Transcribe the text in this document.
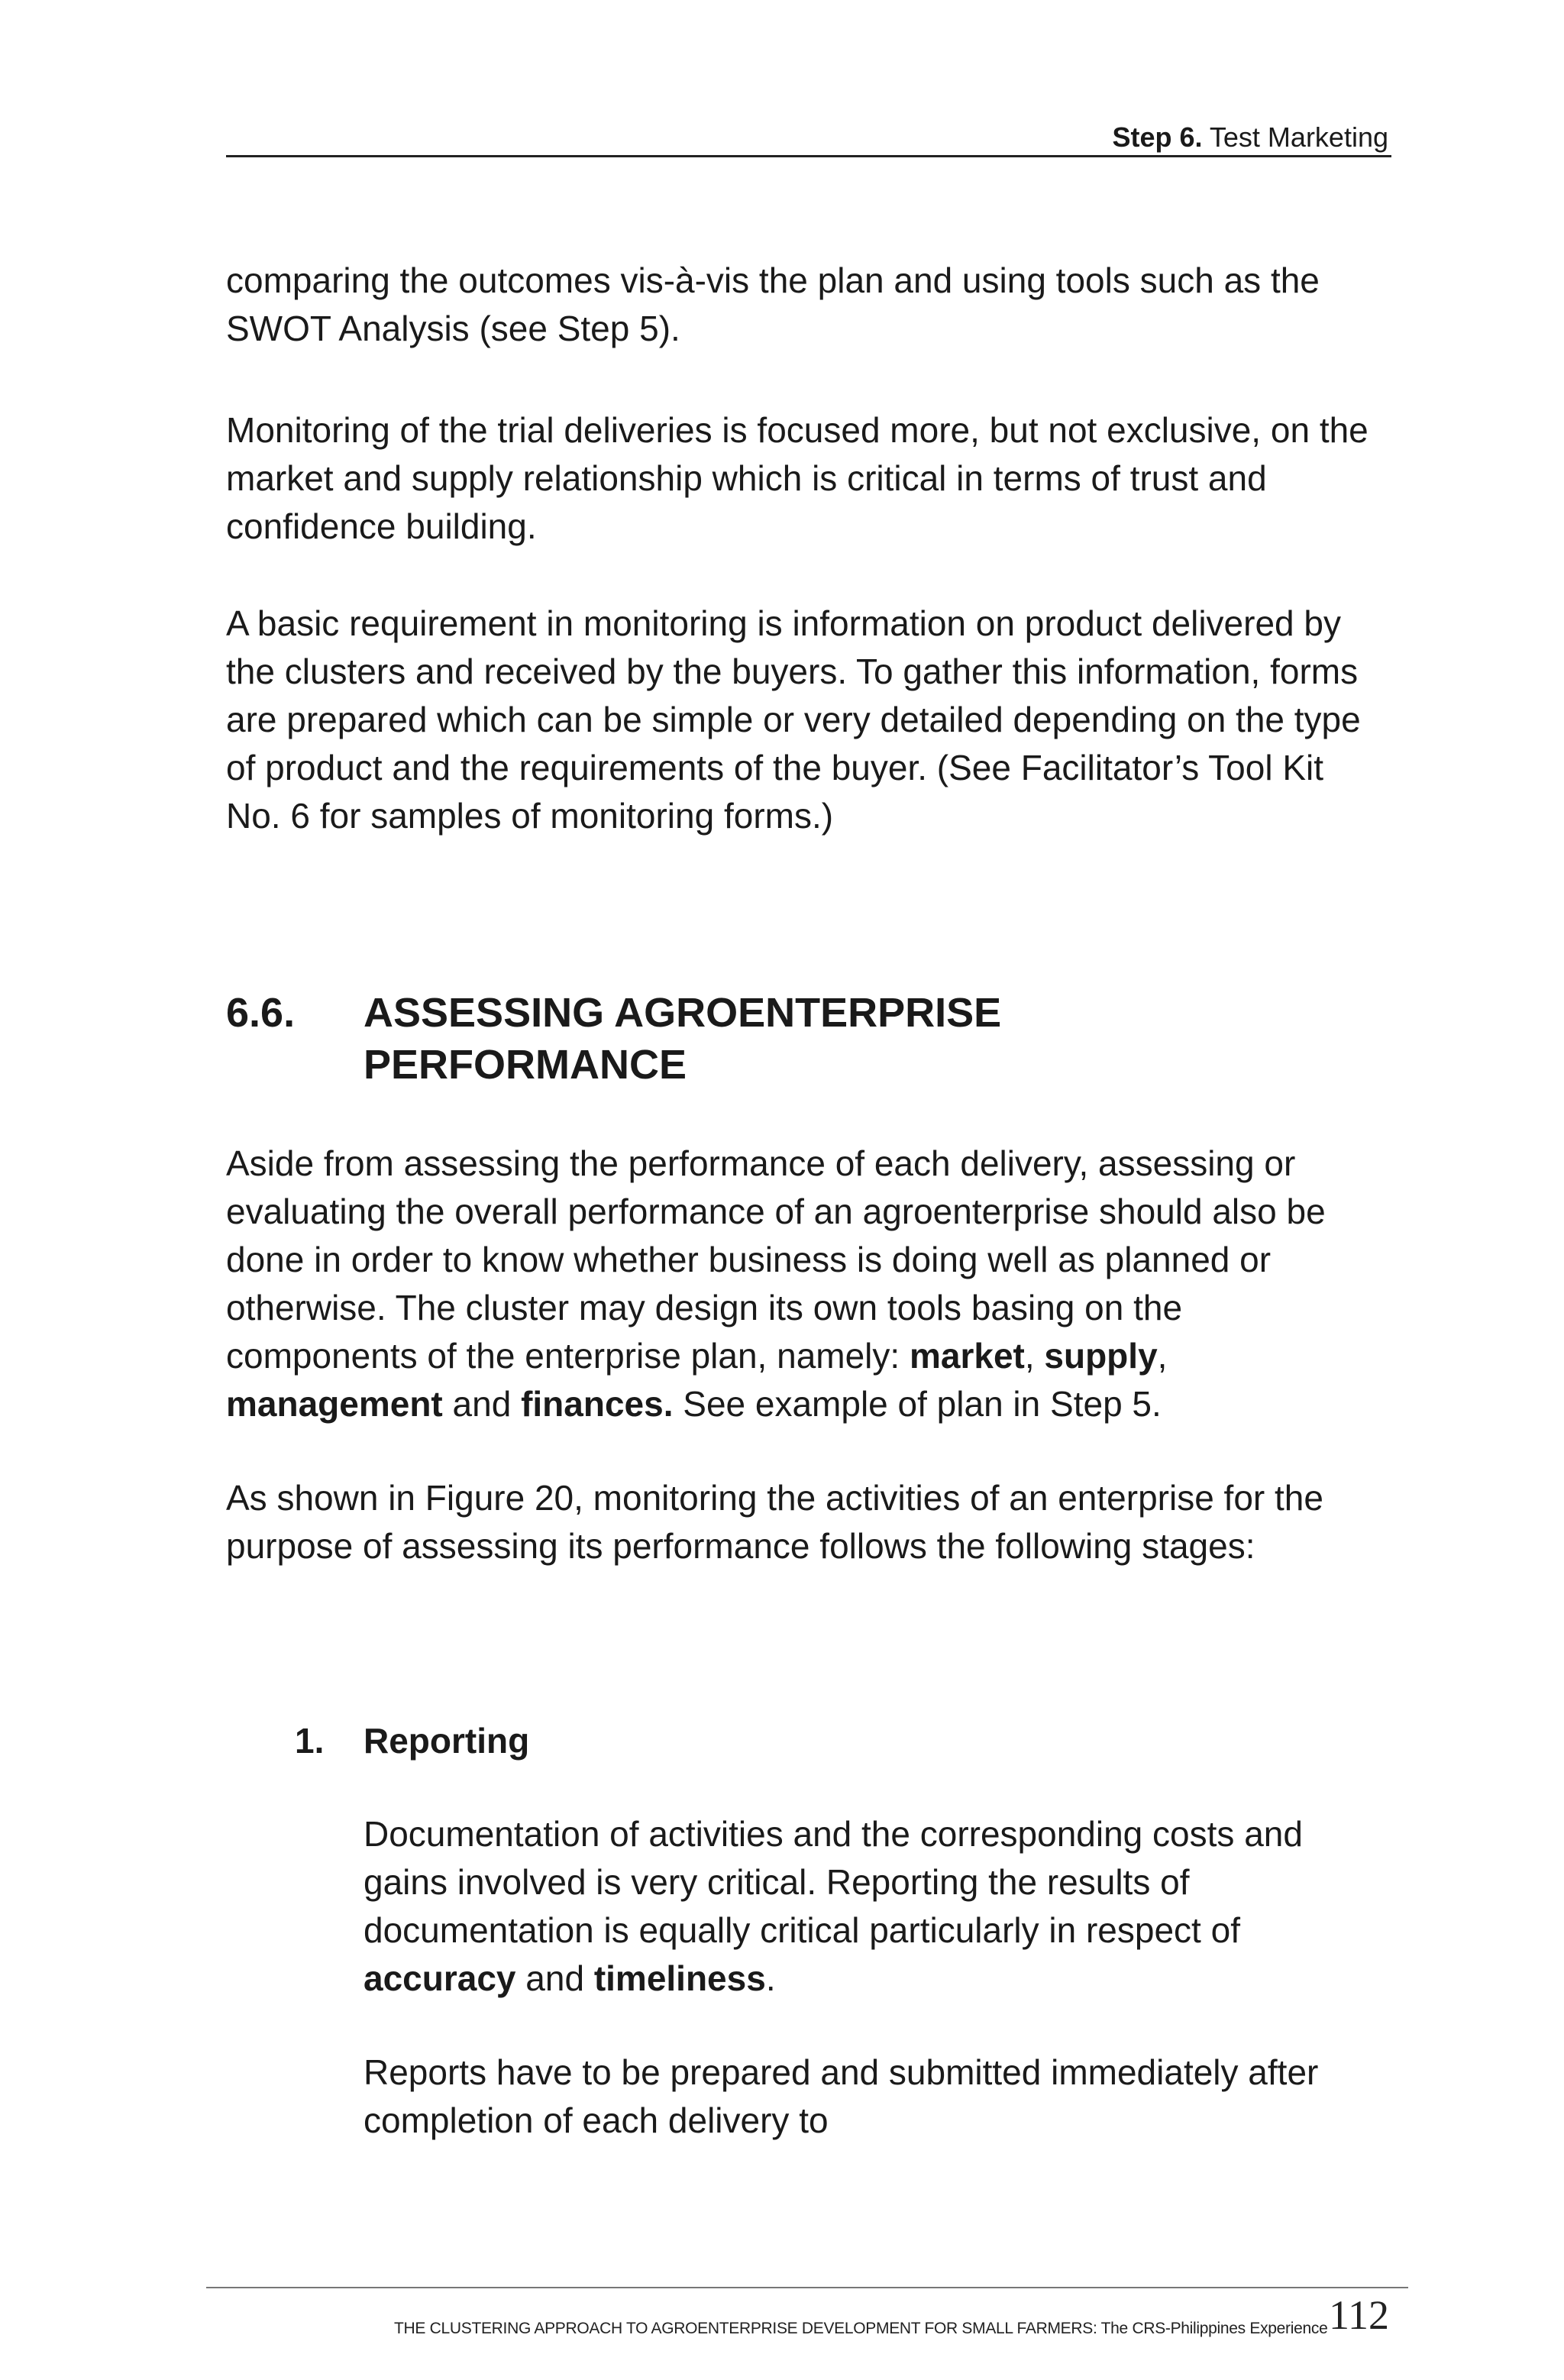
Step 6. Test Marketing

comparing the outcomes vis-à-vis the plan and using tools such as the SWOT Analysis (see Step 5).

Monitoring of the trial deliveries is focused more, but not exclusive, on the market and supply relationship which is critical in terms of trust and confidence building.

A basic requirement in monitoring is information on product delivered by the clusters and received by the buyers. To gather this information, forms are prepared which can be simple or very detailed depending on the type of product and the requirements of the buyer. (See Facilitator’s Tool Kit No. 6 for samples of monitoring forms.)

6.6. ASSESSING AGROENTERPRISE
PERFORMANCE

Aside from assessing the performance of each delivery, assessing or evaluating the overall performance of an agroenterprise should also be done in order to know whether business is doing well as planned or otherwise. The cluster may design its own tools basing on the components of the enterprise plan, namely: market, supply, management and finances. See example of plan in Step 5.

As shown in Figure 20, monitoring the activities of an enterprise for the purpose of assessing its performance follows the following stages:

1. Reporting

Documentation of activities and the corresponding costs and gains involved is very critical. Reporting the results of documentation is equally critical particularly in respect of accuracy and timeliness.

Reports have to be prepared and submitted immediately after completion of each delivery to

THE CLUSTERING APPROACH TO AGROENTERPRISE DEVELOPMENT FOR SMALL FARMERS: The CRS-Philippines Experience 112
